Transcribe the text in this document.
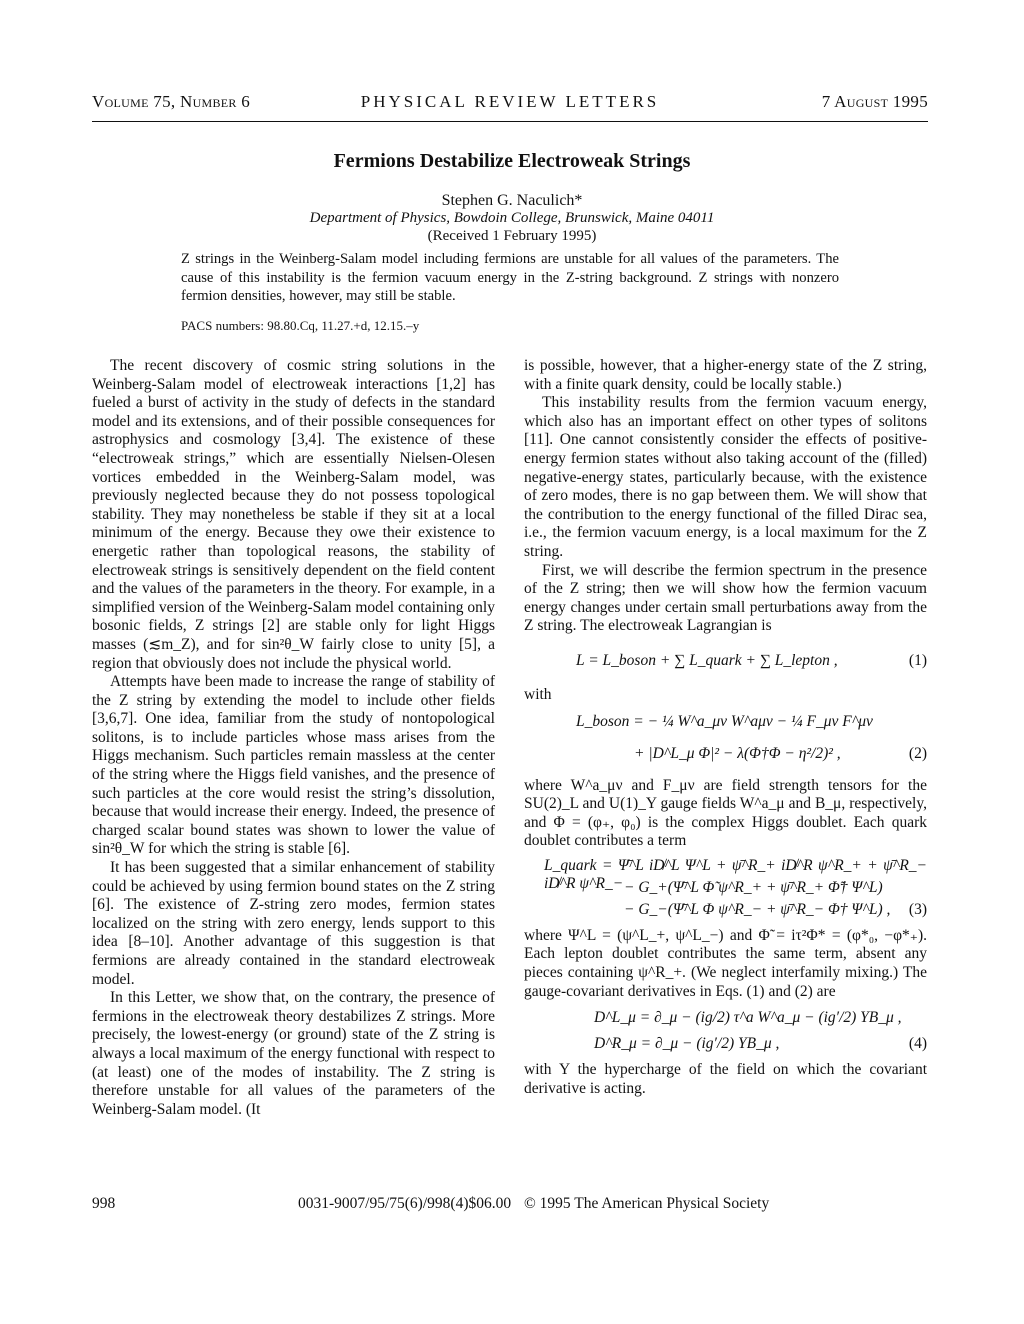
Volume 75, Number 6	PHYSICAL REVIEW LETTERS	7 August 1995
Fermions Destabilize Electroweak Strings
Stephen G. Naculich*
Department of Physics, Bowdoin College, Brunswick, Maine 04011
(Received 1 February 1995)
Z strings in the Weinberg-Salam model including fermions are unstable for all values of the parameters. The cause of this instability is the fermion vacuum energy in the Z-string background. Z strings with nonzero fermion densities, however, may still be stable.
PACS numbers: 98.80.Cq, 11.27.+d, 12.15.–y

The recent discovery of cosmic string solutions in the Weinberg-Salam model of electroweak interactions [1,2] has fueled a burst of activity in the study of defects in the standard model and its extensions, and of their possible consequences for astrophysics and cosmology [3,4]. The existence of these “electroweak strings,” which are essentially Nielsen-Olesen vortices embedded in the Weinberg-Salam model, was previously neglected because they do not possess topological stability. They may nonetheless be stable if they sit at a local minimum of the energy. Because they owe their existence to energetic rather than topological reasons, the stability of electroweak strings is sensitively dependent on the field content and the values of the parameters in the theory. For example, in a simplified version of the Weinberg-Salam model containing only bosonic fields, Z strings [2] are stable only for light Higgs masses (≲m_Z), and for sin²θ_W fairly close to unity [5], a region that obviously does not include the physical world.

Attempts have been made to increase the range of stability of the Z string by extending the model to include other fields [3,6,7]. One idea, familiar from the study of nontopological solitons, is to include particles whose mass arises from the Higgs mechanism. Such particles remain massless at the center of the string where the Higgs field vanishes, and the presence of such particles at the core would resist the string’s dissolution, because that would increase their energy. Indeed, the presence of charged scalar bound states was shown to lower the value of sin²θ_W for which the string is stable [6].

It has been suggested that a similar enhancement of stability could be achieved by using fermion bound states on the Z string [6]. The existence of Z-string zero modes, fermion states localized on the string with zero energy, lends support to this idea [8–10]. Another advantage of this suggestion is that fermions are already contained in the standard electroweak model.

In this Letter, we show that, on the contrary, the presence of fermions in the electroweak theory destabilizes Z strings. More precisely, the lowest-energy (or ground) state of the Z string is always a local maximum of the energy functional with respect to (at least) one of the modes of instability. The Z string is therefore unstable for all values of the parameters of the Weinberg-Salam model. (It

is possible, however, that a higher-energy state of the Z string, with a finite quark density, could be locally stable.)

This instability results from the fermion vacuum energy, which also has an important effect on other types of solitons [11]. One cannot consistently consider the effects of positive-energy fermion states without also taking account of the (filled) negative-energy states, particularly because, with the existence of zero modes, there is no gap between them. We will show that the contribution to the energy functional of the filled Dirac sea, i.e., the fermion vacuum energy, is a local maximum for the Z string.

First, we will describe the fermion spectrum in the presence of the Z string; then we will show how the fermion vacuum energy changes under certain small perturbations away from the Z string. The electroweak Lagrangian is

L = L_boson + ∑ L_quark + ∑ L_lepton ,	(1)

with

L_boson = − ¼ W^a_μν W^aμν − ¼ F_μν F^μν
+ |D^L_μ Φ|² − λ(Φ†Φ − η²/2)² ,	(2)

where W^a_μν and F_μν are field strength tensors for the SU(2)_L and U(1)_Y gauge fields W^a_μ and B_μ, respectively, and Φ = (φ₊, φ₀) is the complex Higgs doublet. Each quark doublet contributes a term

L_quark = Ψ̄^L iD̸^L Ψ^L + ψ̄^R_+ iD̸^R ψ^R_+ + ψ̄^R_− iD̸^R ψ^R_− − G_+(Ψ̄^L Φ̃ ψ^R_+ + ψ̄^R_+ Φ̃† Ψ^L)
− G_−(Ψ̄^L Φ ψ^R_− + ψ̄^R_− Φ† Ψ^L) , (3)

where Ψ^L = (ψ^L_+, ψ^L_−) and Φ̃ = iτ²Φ* = (φ*₀, −φ*₊). Each lepton doublet contributes the same term, absent any pieces containing ψ^R_+. (We neglect interfamily mixing.) The gauge-covariant derivatives in Eqs. (1) and (2) are

D^L_μ = ∂_μ − (ig/2) τ^a W^a_μ − (ig′/2) YB_μ ,
D^R_μ = ∂_μ − (ig′/2) YB_μ ,	(4)

with Y the hypercharge of the field on which the covariant derivative is acting.

998	0031-9007/95/75(6)/998(4)$06.00 © 1995 The American Physical Society
